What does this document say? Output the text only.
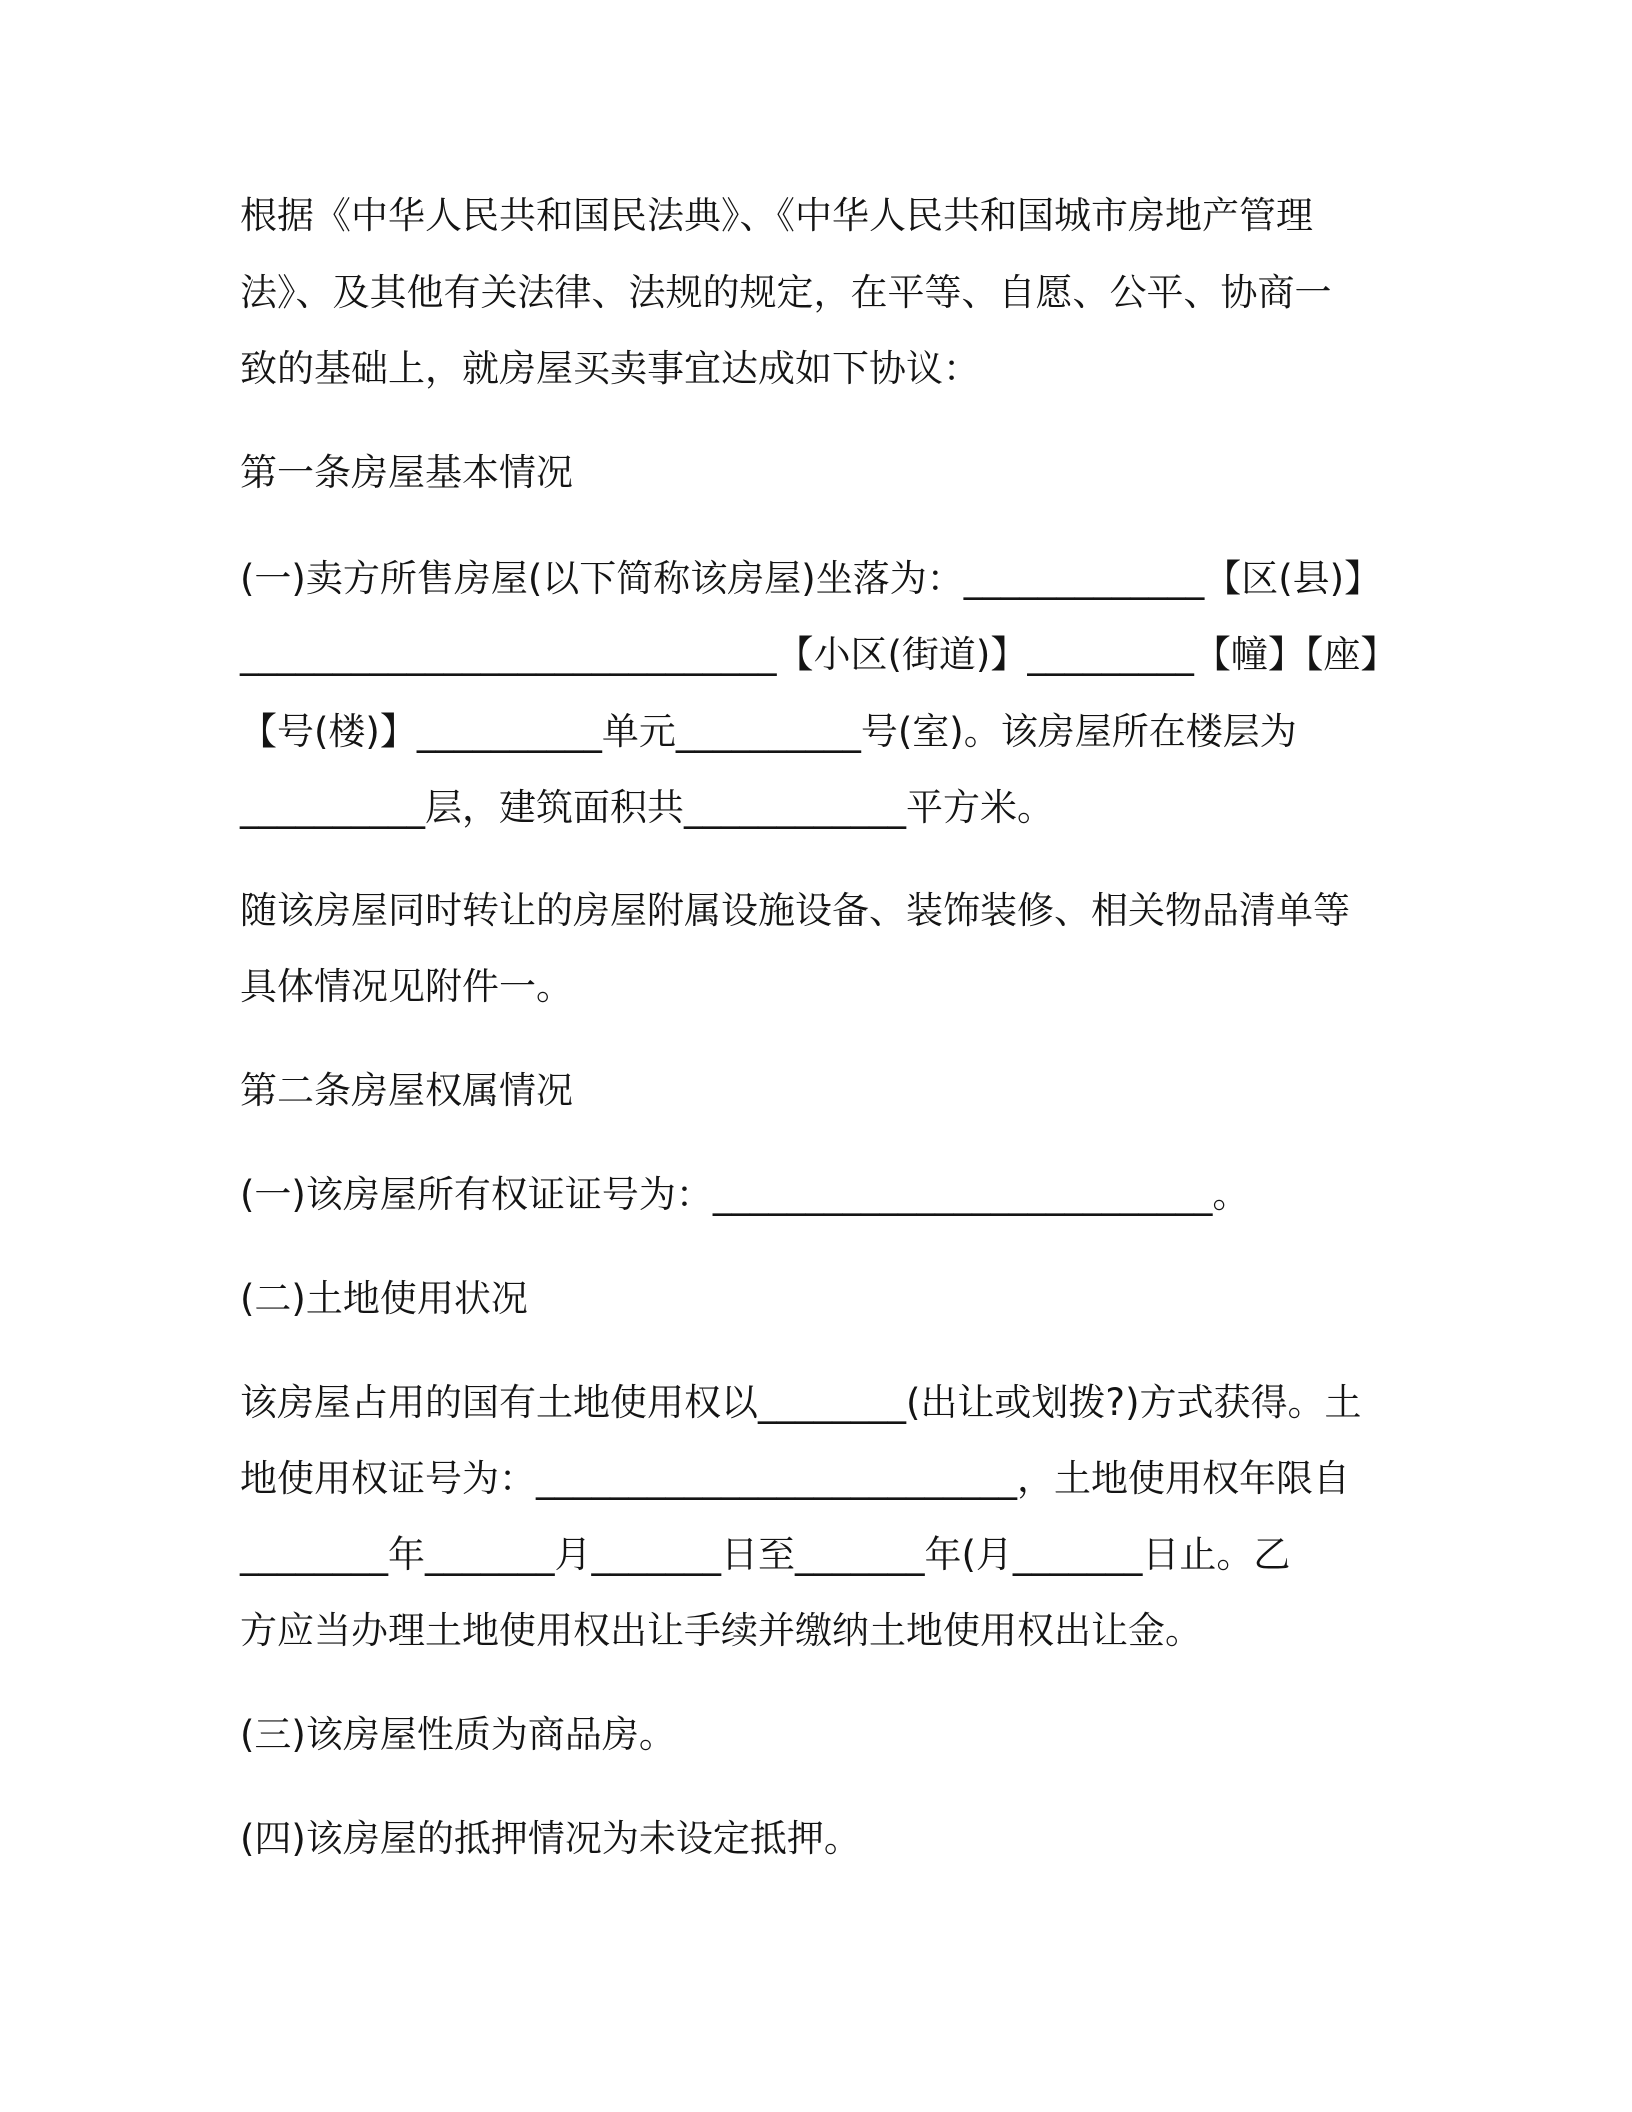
根据《中华人民共和国民法典》、《中华人民共和国城市房地产管理
法》、及其他有关法律、法规的规定，在平等、自愿、公平、协商一
致的基础上，就房屋买卖事宜达成如下协议：
第一条房屋基本情况
(一)卖方所售房屋(以下简称该房屋)坐落为：_____________【区(县)】
_____________________________【小区(街道)】_________【幢】【座】
【号(楼)】__________单元__________号(室)。该房屋所在楼层为
__________层，建筑面积共____________平方米。
随该房屋同时转让的房屋附属设施设备、装饰装修、相关物品清单等
具体情况见附件一。
第二条房屋权属情况
(一)该房屋所有权证证号为：___________________________。
(二)土地使用状况
该房屋占用的国有土地使用权以________(出让或划拨?)方式获得。土
地使用权证号为：__________________________，土地使用权年限自
________年_______月_______日至_______年(月_______日止。乙
方应当办理土地使用权出让手续并缴纳土地使用权出让金。
(三)该房屋性质为商品房。
(四)该房屋的抵押情况为未设定抵押。
